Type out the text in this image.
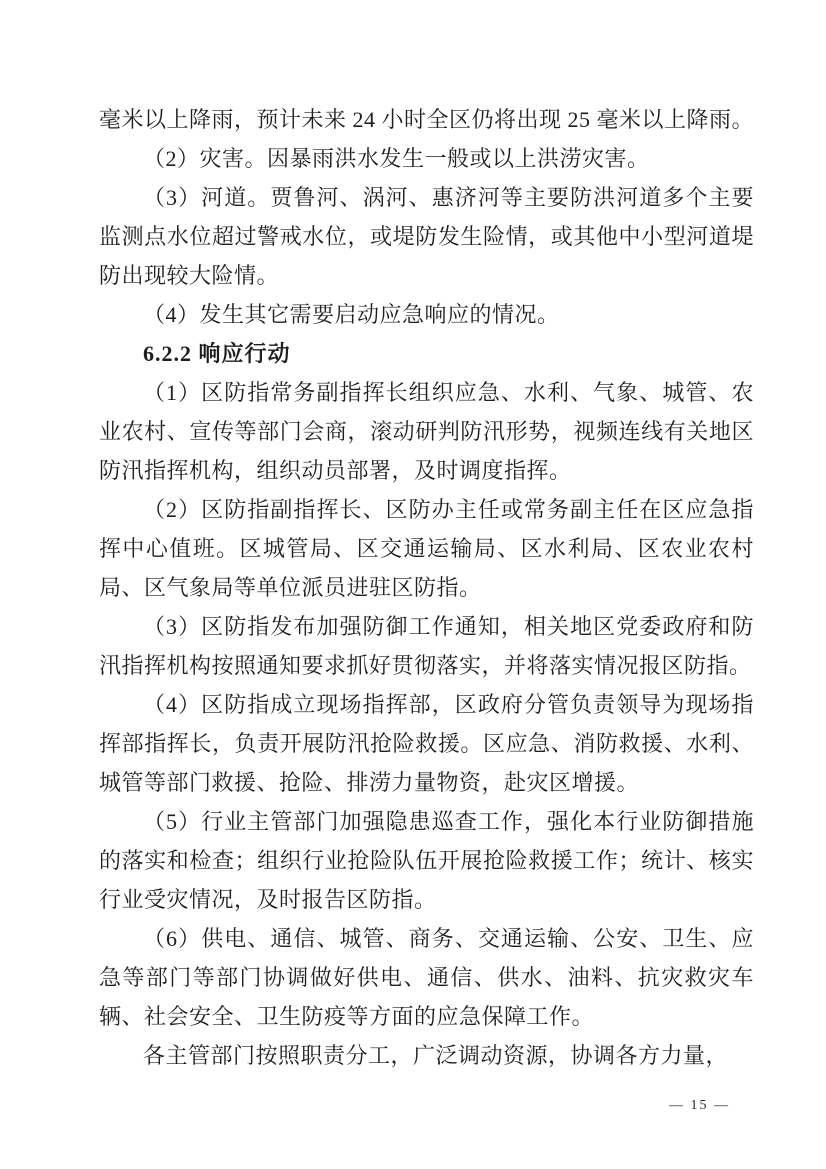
毫米以上降雨，预计未来 24 小时全区仍将出现 25 毫米以上降雨。

（2）灾害。因暴雨洪水发生一般或以上洪涝灾害。

（3）河道。贾鲁河、涡河、惠济河等主要防洪河道多个主要监测点水位超过警戒水位，或堤防发生险情，或其他中小型河道堤防出现较大险情。

（4）发生其它需要启动应急响应的情况。

6.2.2 响应行动

（1）区防指常务副指挥长组织应急、水利、气象、城管、农业农村、宣传等部门会商，滚动研判防汛形势，视频连线有关地区防汛指挥机构，组织动员部署，及时调度指挥。

（2）区防指副指挥长、区防办主任或常务副主任在区应急指挥中心值班。区城管局、区交通运输局、区水利局、区农业农村局、区气象局等单位派员进驻区防指。

（3）区防指发布加强防御工作通知，相关地区党委政府和防汛指挥机构按照通知要求抓好贯彻落实，并将落实情况报区防指。

（4）区防指成立现场指挥部，区政府分管负责领导为现场指挥部指挥长，负责开展防汛抢险救援。区应急、消防救援、水利、城管等部门救援、抢险、排涝力量物资，赴灾区增援。

（5）行业主管部门加强隐患巡查工作，强化本行业防御措施的落实和检查；组织行业抢险队伍开展抢险救援工作；统计、核实行业受灾情况，及时报告区防指。

（6）供电、通信、城管、商务、交通运输、公安、卫生、应急等部门等部门协调做好供电、通信、供水、油料、抗灾救灾车辆、社会安全、卫生防疫等方面的应急保障工作。

各主管部门按照职责分工，广泛调动资源，协调各方力量，

— 15 —
